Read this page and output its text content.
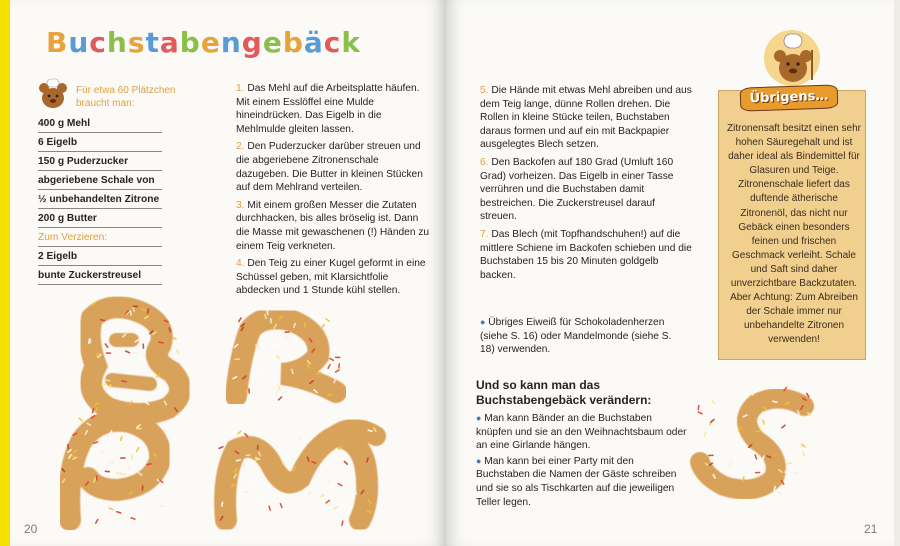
Buchstabengebäck
Für etwa 60 Plätzchen braucht man:
400 g Mehl
6 Eigelb
150 g Puderzucker
abgeriebene Schale von
½ unbehandelten Zitrone
200 g Butter
Zum Verzieren:
2 Eigelb
bunte Zuckerstreusel

1. Das Mehl auf die Arbeitsplatte häufen. Mit einem Esslöffel eine Mulde hineindrücken. Das Eigelb in die Mehlmulde gleiten lassen.

2. Den Puderzucker darüber streuen und die abgeriebene Zitronenschale dazugeben. Die Butter in kleinen Stücken auf dem Mehlrand verteilen.

3. Mit einem großen Messer die Zutaten durchhacken, bis alles bröselig ist. Dann die Masse mit gewaschenen (!) Händen zu einem Teig verkneten.

4. Den Teig zu einer Kugel geformt in eine Schüssel geben, mit Klarsichtfolie abdecken und 1 Stunde kühl stellen.

5. Die Hände mit etwas Mehl abreiben und aus dem Teig lange, dünne Rollen drehen. Die Rollen in kleine Stücke teilen, Buchstaben daraus formen und auf ein mit Backpapier ausgelegtes Blech setzen.

6. Den Backofen auf 180 Grad (Umluft 160 Grad) vorheizen. Das Eigelb in einer Tasse verrühren und die Buchstaben damit bestreichen. Die Zuckerstreusel darauf streuen.

7. Das Blech (mit Topfhandschuhen!) auf die mittlere Schiene im Backofen schieben und die Buchstaben 15 bis 20 Minuten goldgelb backen.

● Übriges Eiweiß für Schokoladenherzen (siehe S. 16) oder Mandelmonde (siehe S. 18) verwenden.
Und so kann man das Buchstabengebäck verändern:

● Man kann Bänder an die Buchstaben knüpfen und sie an den Weihnachtsbaum oder an eine Girlande hängen.

● Man kann bei einer Party mit den Buchstaben die Namen der Gäste schreiben und sie so als Tischkarten auf die jeweiligen Teller legen.

Übrigens…
Zitronensaft besitzt einen sehr hohen Säuregehalt und ist daher ideal als Bindemittel für Glasuren und Teige. Zitronenschale liefert das duftende ätherische Zitronenöl, das nicht nur Gebäck einen besonders feinen und frischen Geschmack verleiht. Schale und Saft sind daher unverzichtbare Backzutaten. Aber Achtung: Zum Abreiben der Schale immer nur unbehandelte Zitronen verwenden!
20	21
